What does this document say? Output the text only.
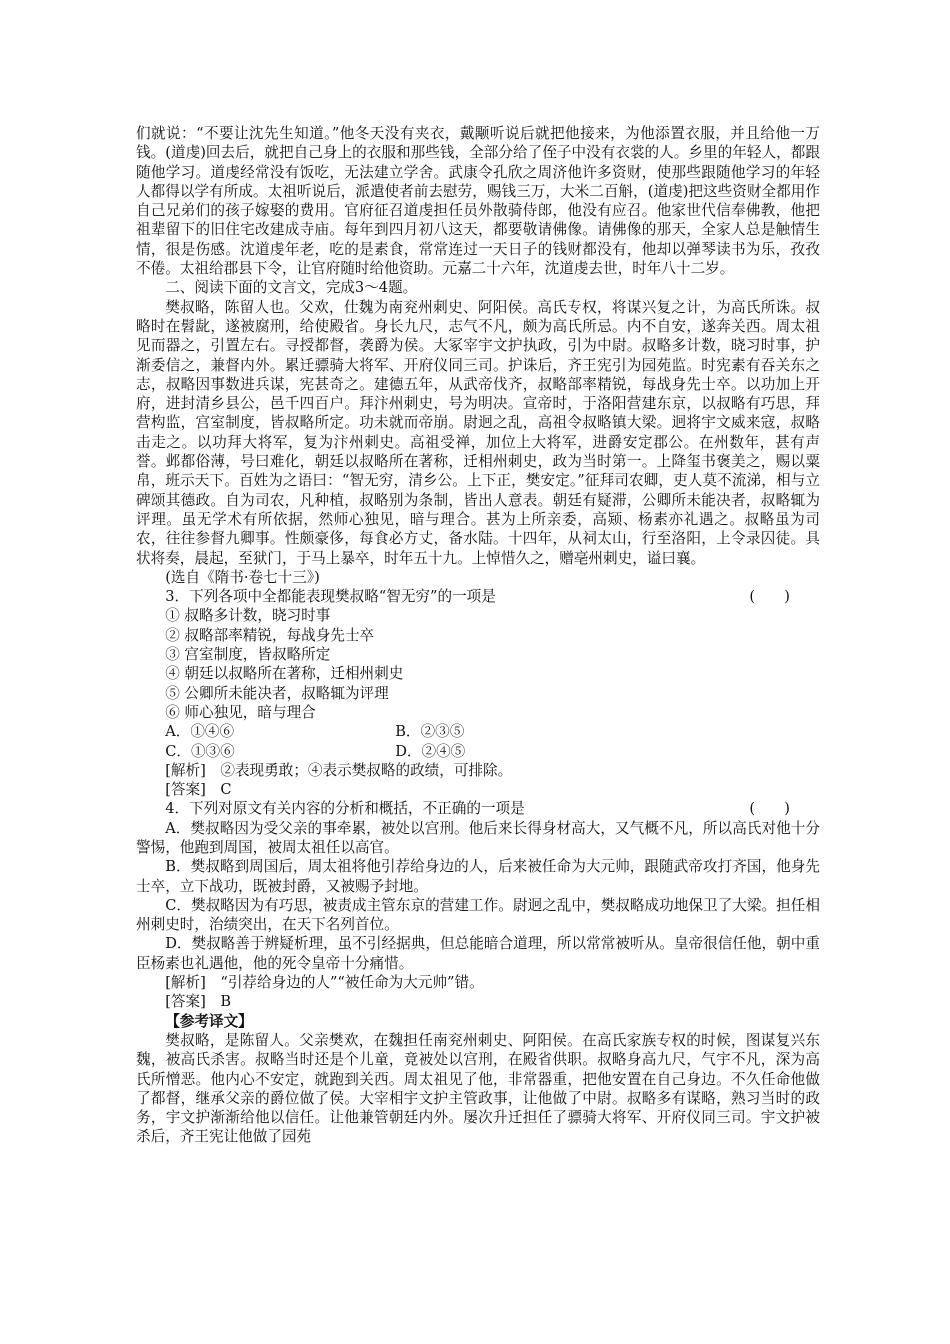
们就说：“不要让沈先生知道。”他冬天没有夹衣，戴颙听说后就把他接来，为他添置衣服，并且给他一万钱。(道虔)回去后，就把自己身上的衣服和那些钱，全部分给了侄子中没有衣裳的人。乡里的年轻人，都跟随他学习。道虔经常没有饭吃，无法建立学舍。武康令孔欣之周济他许多资财，使那些跟随他学习的年轻人都得以学有所成。太祖听说后，派遣使者前去慰劳，赐钱三万，大米二百斛，(道虔)把这些资财全都用作自己兄弟们的孩子嫁娶的费用。官府征召道虔担任员外散骑侍郎，他没有应召。他家世代信奉佛教，他把祖辈留下的旧住宅改建成寺庙。每年到四月初八这天，都要敬请佛像。请佛像的那天，全家人总是触情生情，很是伤感。沈道虔年老，吃的是素食，常常连过一天日子的钱财都没有，他却以弹琴读书为乐，孜孜不倦。太祖给郡县下令，让官府随时给他资助。元嘉二十六年，沈道虔去世，时年八十二岁。

二、阅读下面的文言文，完成3～4题。

樊叔略，陈留人也。父欢，仕魏为南兖州刺史、阿阳侯。高氏专权，将谋兴复之计，为高氏所诛。叔略时在髫龀，遂被腐刑，给使殿省。身长九尺，志气不凡，颇为高氏所忌。内不自安，遂奔关西。周太祖见而器之，引置左右。寻授都督，袭爵为侯。大冢宰宇文护执政，引为中尉。叔略多计数，晓习时事，护渐委信之，兼督内外。累迁骠骑大将军、开府仪同三司。护诛后，齐王宪引为园苑监。时宪素有吞关东之志，叔略因事数进兵谋，宪甚奇之。建德五年，从武帝伐齐，叔略部率精锐，每战身先士卒。以功加上开府，进封清乡县公，邑千四百户。拜汴州刺史，号为明决。宣帝时，于洛阳营建东京，以叔略有巧思，拜营构监，宫室制度，皆叔略所定。功未就而帝崩。尉迥之乱，高祖令叔略镇大梁。迥将宇文威来寇，叔略击走之。以功拜大将军，复为汴州刺史。高祖受禅，加位上大将军，进爵安定郡公。在州数年，甚有声誉。邺都俗薄，号曰难化，朝廷以叔略所在著称，迁相州刺史，政为当时第一。上降玺书褒美之，赐以粟帛，班示天下。百姓为之语曰：“智无穷，清乡公。上下正，樊安定。”征拜司农卿，吏人莫不流涕，相与立碑颂其德政。自为司农，凡种植，叔略别为条制，皆出人意表。朝廷有疑滞，公卿所未能决者，叔略辄为评理。虽无学术有所依据，然师心独见，暗与理合。甚为上所亲委，高颎、杨素亦礼遇之。叔略虽为司农，往往参督九卿事。性颇豪侈，每食必方丈，备水陆。十四年，从祠太山，行至洛阳，上令录囚徒。具状将奏，晨起，至狱门，于马上暴卒，时年五十九。上悼惜久之，赠亳州刺史，谥曰襄。

(选自《隋书·卷七十三》)

3．下列各项中全都能表现樊叔略“智无穷”的一项是	(　　)

① 叔略多计数，晓习时事

② 叔略部率精锐，每战身先士卒

③ 宫室制度，皆叔略所定

④ 朝廷以叔略所在著称，迁相州刺史

⑤ 公卿所未能决者，叔略辄为评理

⑥ 师心独见，暗与理合

A．①④⑥	B．②③⑤
C．①③⑥	D．②④⑤

[解析]　②表现勇敢；④表示樊叔略的政绩，可排除。

[答案]　C

4．下列对原文有关内容的分析和概括，不正确的一项是	(　　)

A．樊叔略因为受父亲的事牵累，被处以宫刑。他后来长得身材高大，又气概不凡，所以高氏对他十分警惕，他跑到周国，被周太祖任以高官。

B．樊叔略到周国后，周太祖将他引荐给身边的人，后来被任命为大元帅，跟随武帝攻打齐国，他身先士卒，立下战功，既被封爵，又被赐予封地。

C．樊叔略因为有巧思，被责成主管东京的营建工作。尉迥之乱中，樊叔略成功地保卫了大梁。担任相州刺史时，治绩突出，在天下名列首位。

D．樊叔略善于辨疑析理，虽不引经据典，但总能暗合道理，所以常常被听从。皇帝很信任他，朝中重臣杨素也礼遇他，他的死令皇帝十分痛惜。

[解析]　“引荐给身边的人”“被任命为大元帅”错。

[答案]　B

【参考译文】

樊叔略，是陈留人。父亲樊欢，在魏担任南兖州刺史、阿阳侯。在高氏家族专权的时候，图谋复兴东魏，被高氏杀害。叔略当时还是个儿童，竟被处以宫刑，在殿省供职。叔略身高九尺，气宇不凡，深为高氏所憎恶。他内心不安定，就跑到关西。周太祖见了他，非常器重，把他安置在自己身边。不久任命他做了都督，继承父亲的爵位做了侯。大宰相宇文护主管政事，让他做了中尉。叔略多有谋略，熟习当时的政务，宇文护渐渐给他以信任。让他兼管朝廷内外。屡次升迁担任了骠骑大将军、开府仪同三司。宇文护被杀后，齐王宪让他做了园苑
